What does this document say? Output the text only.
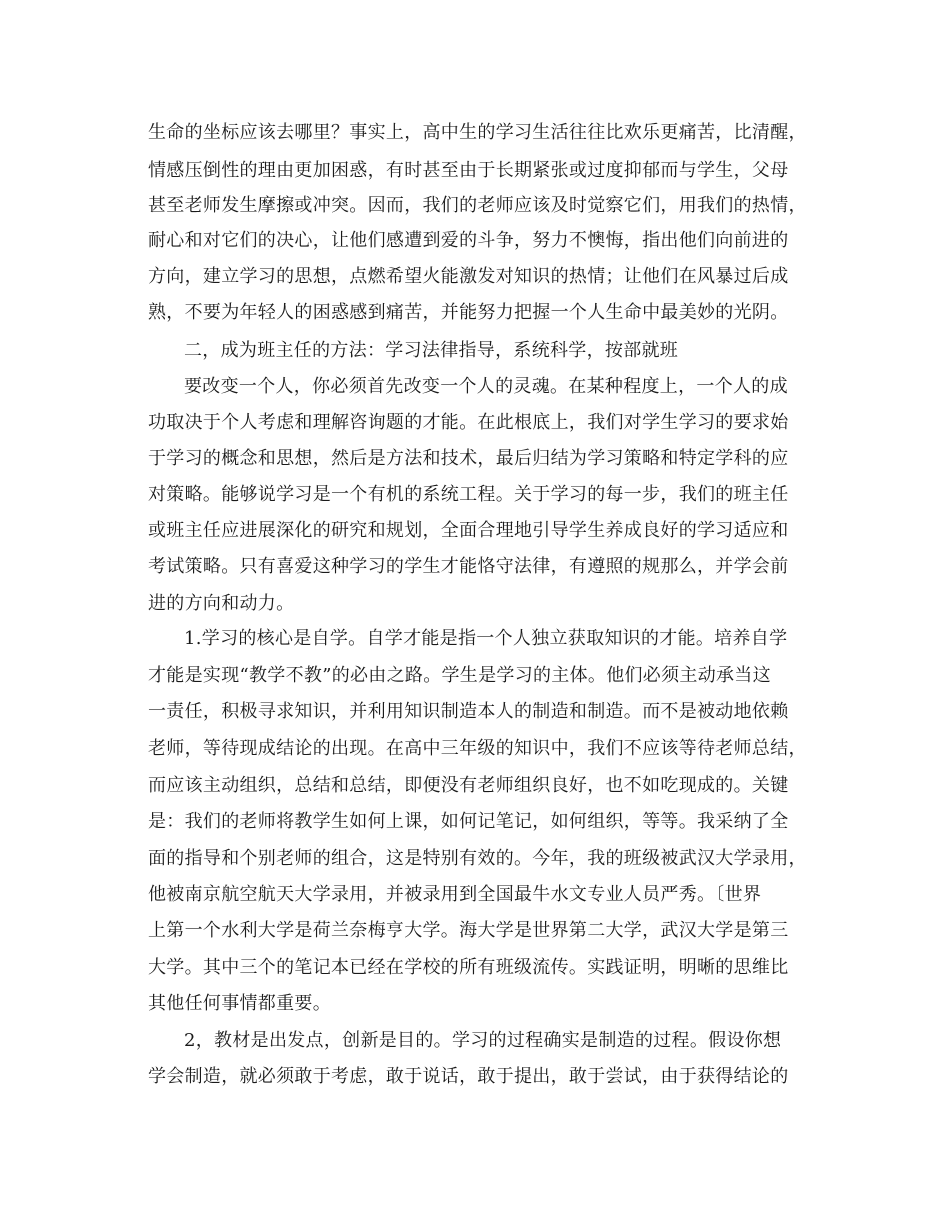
生命的坐标应该去哪里？事实上，高中生的学习生活往往比欢乐更痛苦，比清醒，
情感压倒性的理由更加困惑，有时甚至由于长期紧张或过度抑郁而与学生，父母
甚至老师发生摩擦或冲突。因而，我们的老师应该及时觉察它们，用我们的热情，
耐心和对它们的决心，让他们感遭到爱的斗争，努力不懊悔，指出他们向前进的
方向，建立学习的思想，点燃希望火能激发对知识的热情；让他们在风暴过后成
熟，不要为年轻人的困惑感到痛苦，并能努力把握一个人生命中最美妙的光阴。
二，成为班主任的方法：学习法律指导，系统科学，按部就班
要改变一个人，你必须首先改变一个人的灵魂。在某种程度上，一个人的成
功取决于个人考虑和理解咨询题的才能。在此根底上，我们对学生学习的要求始
于学习的概念和思想，然后是方法和技术，最后归结为学习策略和特定学科的应
对策略。能够说学习是一个有机的系统工程。关于学习的每一步，我们的班主任
或班主任应进展深化的研究和规划，全面合理地引导学生养成良好的学习适应和
考试策略。只有喜爱这种学习的学生才能恪守法律，有遵照的规那么，并学会前
进的方向和动力。
1.学习的核心是自学。自学才能是指一个人独立获取知识的才能。培养自学
才能是实现“教学不教”的必由之路。学生是学习的主体。他们必须主动承当这
一责任，积极寻求知识，并利用知识制造本人的制造和制造。而不是被动地依赖
老师，等待现成结论的出现。在高中三年级的知识中，我们不应该等待老师总结，
而应该主动组织，总结和总结，即便没有老师组织良好，也不如吃现成的。关键
是：我们的老师将教学生如何上课，如何记笔记，如何组织，等等。我采纳了全
面的指导和个别老师的组合，这是特别有效的。今年，我的班级被武汉大学录用，
他被南京航空航天大学录用，并被录用到全国最牛水文专业人员严秀。〔世界
上第一个水利大学是荷兰奈梅亨大学。海大学是世界第二大学，武汉大学是第三
大学。其中三个的笔记本已经在学校的所有班级流传。实践证明，明晰的思维比
其他任何事情都重要。
2，教材是出发点，创新是目的。学习的过程确实是制造的过程。假设你想
学会制造，就必须敢于考虑，敢于说话，敢于提出，敢于尝试，由于获得结论的
